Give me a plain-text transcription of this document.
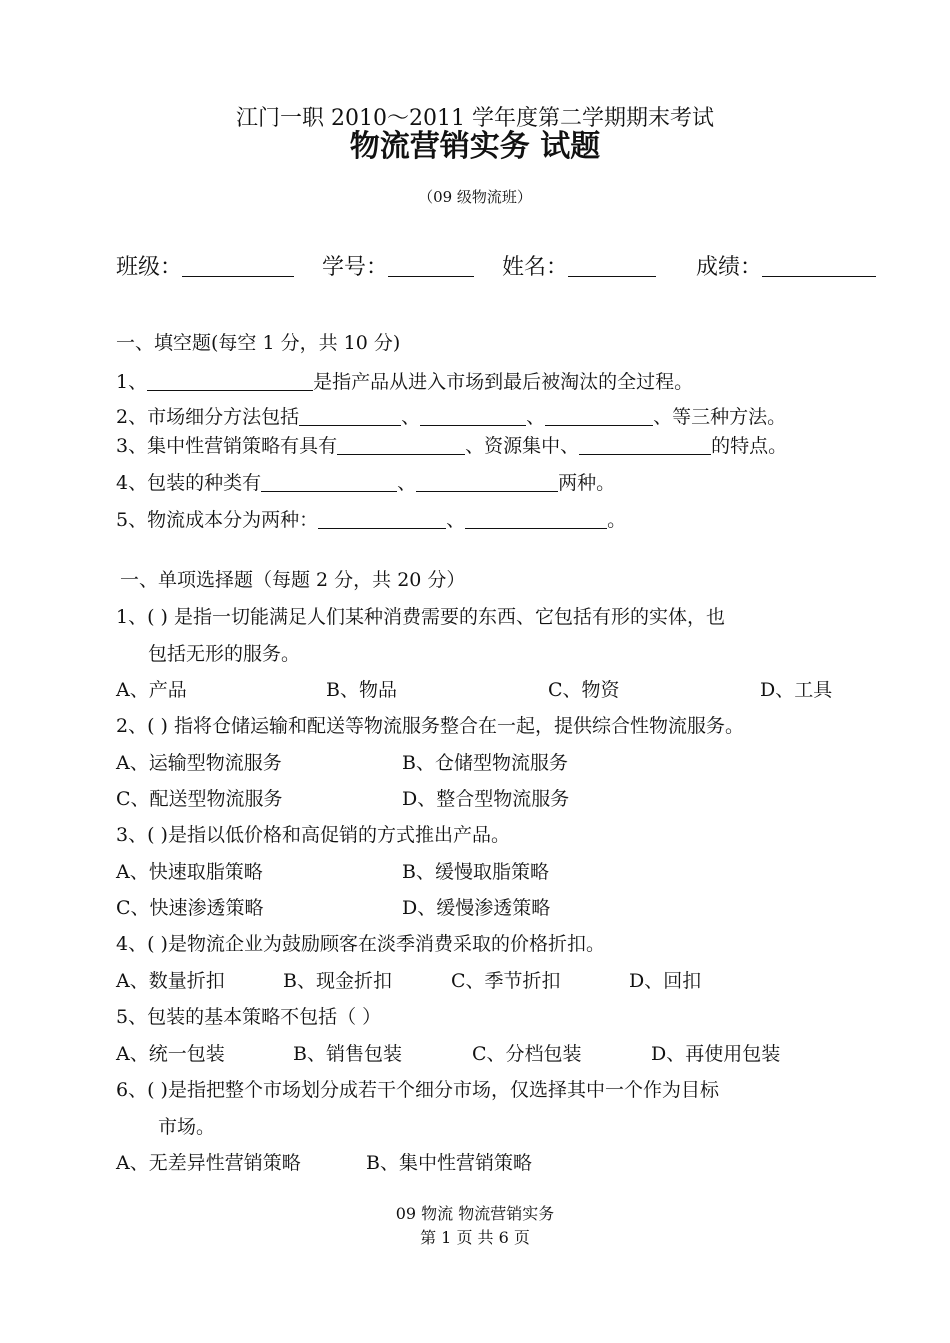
江门一职 2010～2011 学年度第二学期期末考试
物流营销实务 试题
（09 级物流班）
班级：	学号：	姓名：	成绩：
一、填空题(每空 1 分，共 10 分)
1、	是指产品从进入市场到最后被淘汰的全过程。
2、市场细分方法包括	、	、	、等三种方法。
3、集中性营销策略有具有	、资源集中、	的特点。
4、包装的种类有	、	两种。
5、物流成本分为两种：	、	。
一、单项选择题（每题 2 分，共 20 分）
1、( ) 是指一切能满足人们某种消费需要的东西、它包括有形的实体，也
包括无形的服务。
A、产品	B、物品	C、物资	D、工具
2、( ) 指将仓储运输和配送等物流服务整合在一起，提供综合性物流服务。
A、运输型物流服务	B、仓储型物流服务
C、配送型物流服务	D、整合型物流服务
3、( )是指以低价格和高促销的方式推出产品。
A、快速取脂策略	B、缓慢取脂策略
C、快速渗透策略	D、缓慢渗透策略
4、( )是物流企业为鼓励顾客在淡季消费采取的价格折扣。
A、数量折扣	B、现金折扣	C、季节折扣	D、回扣
5、包装的基本策略不包括（ ）
A、统一包装	B、销售包装	C、分档包装	D、再使用包装
6、( )是指把整个市场划分成若干个细分市场，仅选择其中一个作为目标
市场。
A、无差异性营销策略	B、集中性营销策略
09 物流 物流营销实务
第 1 页 共 6 页
